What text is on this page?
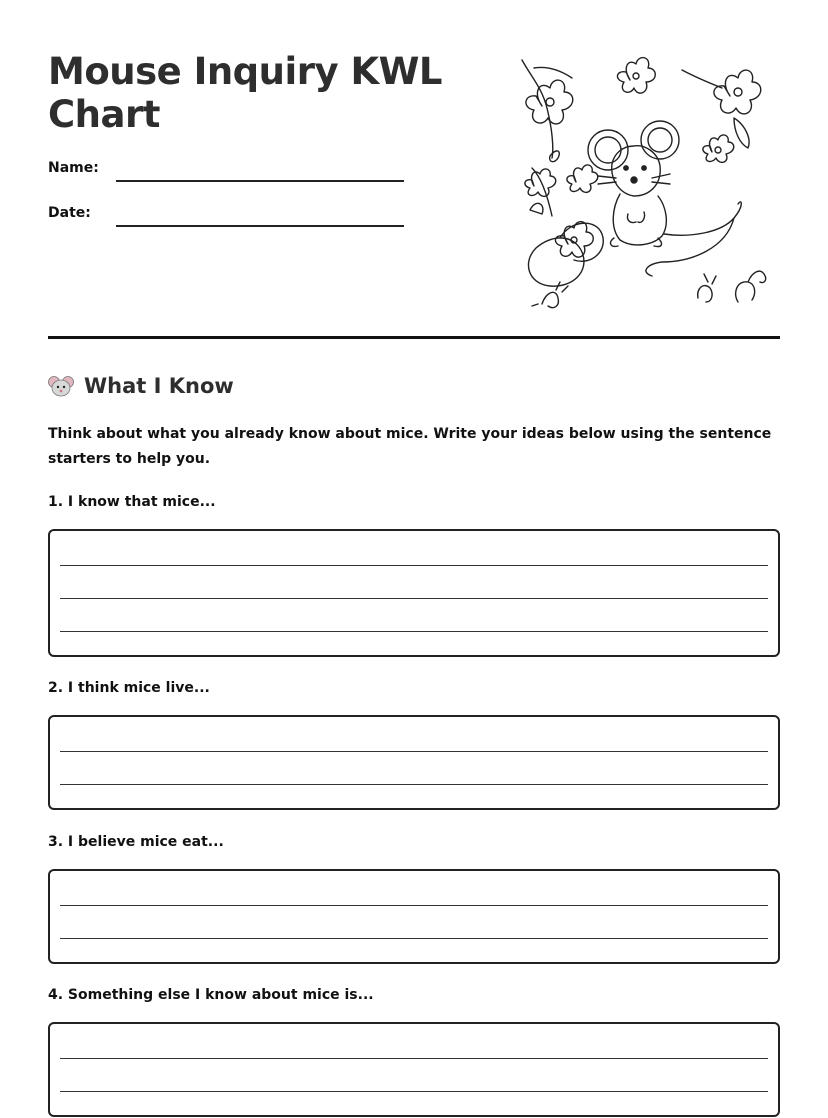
Mouse Inquiry KWL Chart
Name:
Date:
What I Know
Think about what you already know about mice. Write your ideas below using the sentence starters to help you.
1. I know that mice...
2. I think mice live...
3. I believe mice eat...
4. Something else I know about mice is...
